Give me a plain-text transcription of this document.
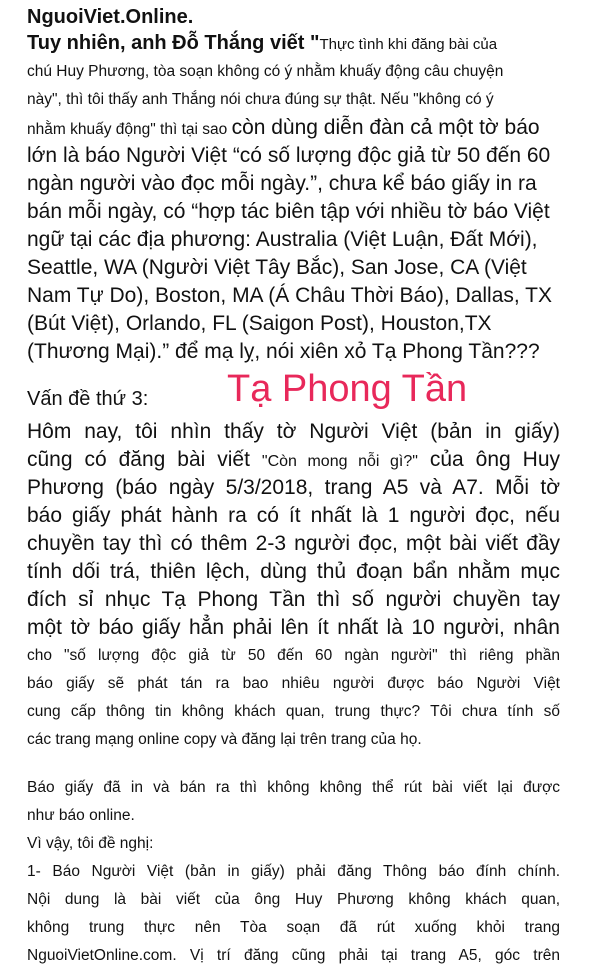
NguoiViet.Online.
Tuy nhiên, anh Đỗ Thắng viết "Thực tình khi đăng bài của
chú Huy Phương, tòa soạn không có ý nhằm khuấy động câu chuyện
này", thì tôi thấy anh Thắng nói chưa đúng sự thật. Nếu "không có ý
nhằm khuấy động" thì tại sao còn dùng diễn đàn cả một tờ báo
lớn là báo Người Việt “có số lượng độc giả từ 50 đến 60
ngàn người vào đọc mỗi ngày.”, chưa kể báo giấy in ra
bán mỗi ngày, có “hợp tác biên tập với nhiều tờ báo Việt
ngữ tại các địa phương: Australia (Việt Luận, Đất Mới),
Seattle, WA (Người Việt Tây Bắc), San Jose, CA (Việt
Nam Tự Do), Boston, MA (Á Châu Thời Báo), Dallas, TX
(Bút Việt), Orlando, FL (Saigon Post), Houston,TX
(Thương Mại).” để mạ lỵ, nói xiên xỏ Tạ Phong Tần???
Vấn đề thứ 3: Tạ Phong Tần
Hôm nay, tôi nhìn thấy tờ Người Việt (bản in giấy)
cũng có đăng bài viết "Còn mong nỗi gì?" của ông Huy
Phương (báo ngày 5/3/2018, trang A5 và A7. Mỗi tờ
báo giấy phát hành ra có ít nhất là 1 người đọc, nếu
chuyền tay thì có thêm 2-3 người đọc, một bài viết đầy
tính dối trá, thiên lệch, dùng thủ đoạn bẩn nhằm mục
đích sỉ nhục Tạ Phong Tần thì số người chuyền tay
một tờ báo giấy hẳn phải lên ít nhất là 10 người, nhân
cho "số lượng độc giả từ 50 đến 60 ngàn người" thì riêng phần
báo giấy sẽ phát tán ra bao nhiêu người được báo Người Việt
cung cấp thông tin không khách quan, trung thực? Tôi chưa tính số
các trang mạng online copy và đăng lại trên trang của họ.
Báo giấy đã in và bán ra thì không không thể rút bài viết lại được
như báo online.
Vì vậy, tôi đề nghị:
1- Báo Người Việt (bản in giấy) phải đăng Thông báo đính chính.
Nội dung là bài viết của ông Huy Phương không khách quan,
không trung thực nên Tòa soạn đã rút xuống khỏi trang
NguoiVietOnline.com. Vị trí đăng cũng phải tại trang A5, góc trên
